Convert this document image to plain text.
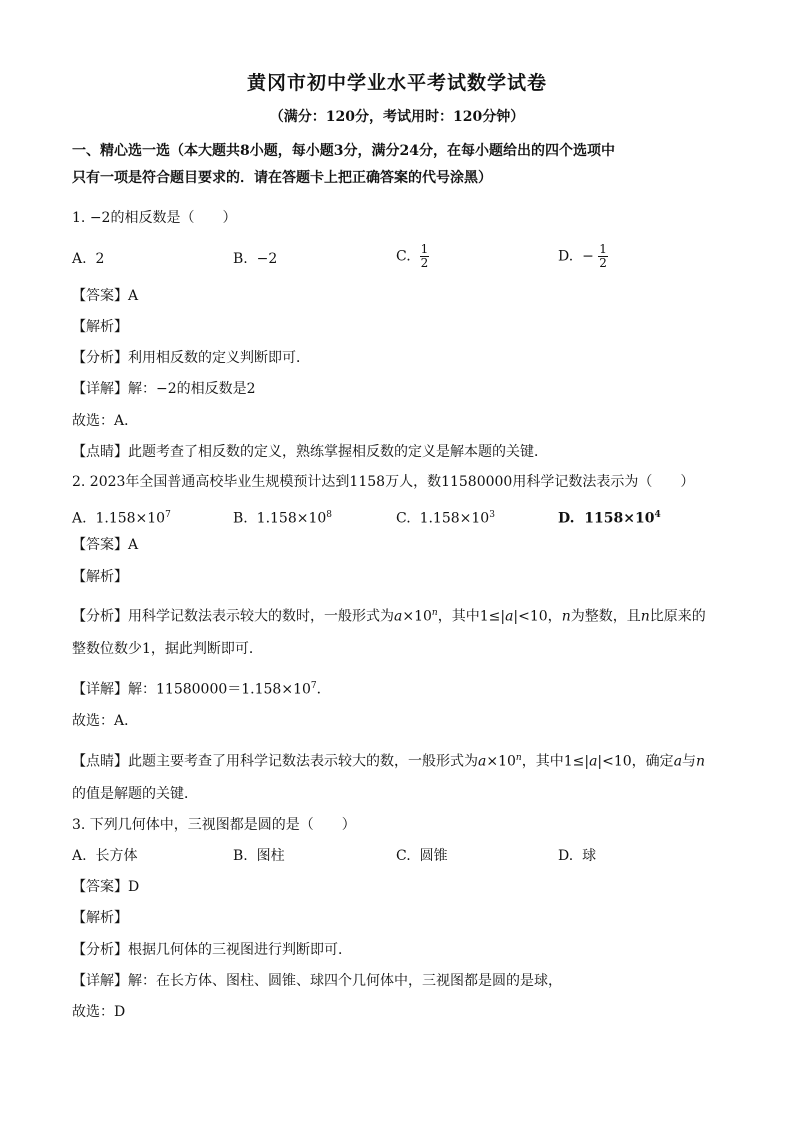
黄冈市初中学业水平考试数学试卷
（满分：120分，考试用时：120分钟）
一、精心选一选（本大题共8小题，每小题3分，满分24分，在每小题给出的四个选项中
只有一项是符合题目要求的．请在答题卡上把正确答案的代号涂黑）
1. −2的相反数是（　　）
A. 2	B. −2	C. $\frac{1}{2}$	D. − $\frac{1}{2}$
【答案】A
【解析】
【分析】利用相反数的定义判断即可．
【详解】解：−2的相反数是2
故选：A．
【点睛】此题考查了相反数的定义，熟练掌握相反数的定义是解本题的关键．
2. 2023年全国普通高校毕业生规模预计达到1158万人，数11580000用科学记数法表示为（　　）
A. $1.158\times 10^7$	B. $1.158\times 10^8$	C. $1.158\times 10^3$	D. $1158\times 10^4$
【答案】A
【解析】
【分析】用科学记数法表示较大的数时，一般形式为$a\times 10^n$，其中1≤|a|<10，n为整数，且n比原来的
整数位数少1，据此判断即可．
【详解】解：$11580000=1.158\times 10^7$．
故选：A．
【点睛】此题主要考查了用科学记数法表示较大的数，一般形式为$a\times 10^n$，其中1≤|a|<10，确定a与n
的值是解题的关键．
3. 下列几何体中，三视图都是圆的是（　　）
A. 长方体	B. 图柱	C. 圆锥	D. 球
【答案】D
【解析】
【分析】根据几何体的三视图进行判断即可．
【详解】解：在长方体、图柱、圆锥、球四个几何体中，三视图都是圆的是球，
故选：D
